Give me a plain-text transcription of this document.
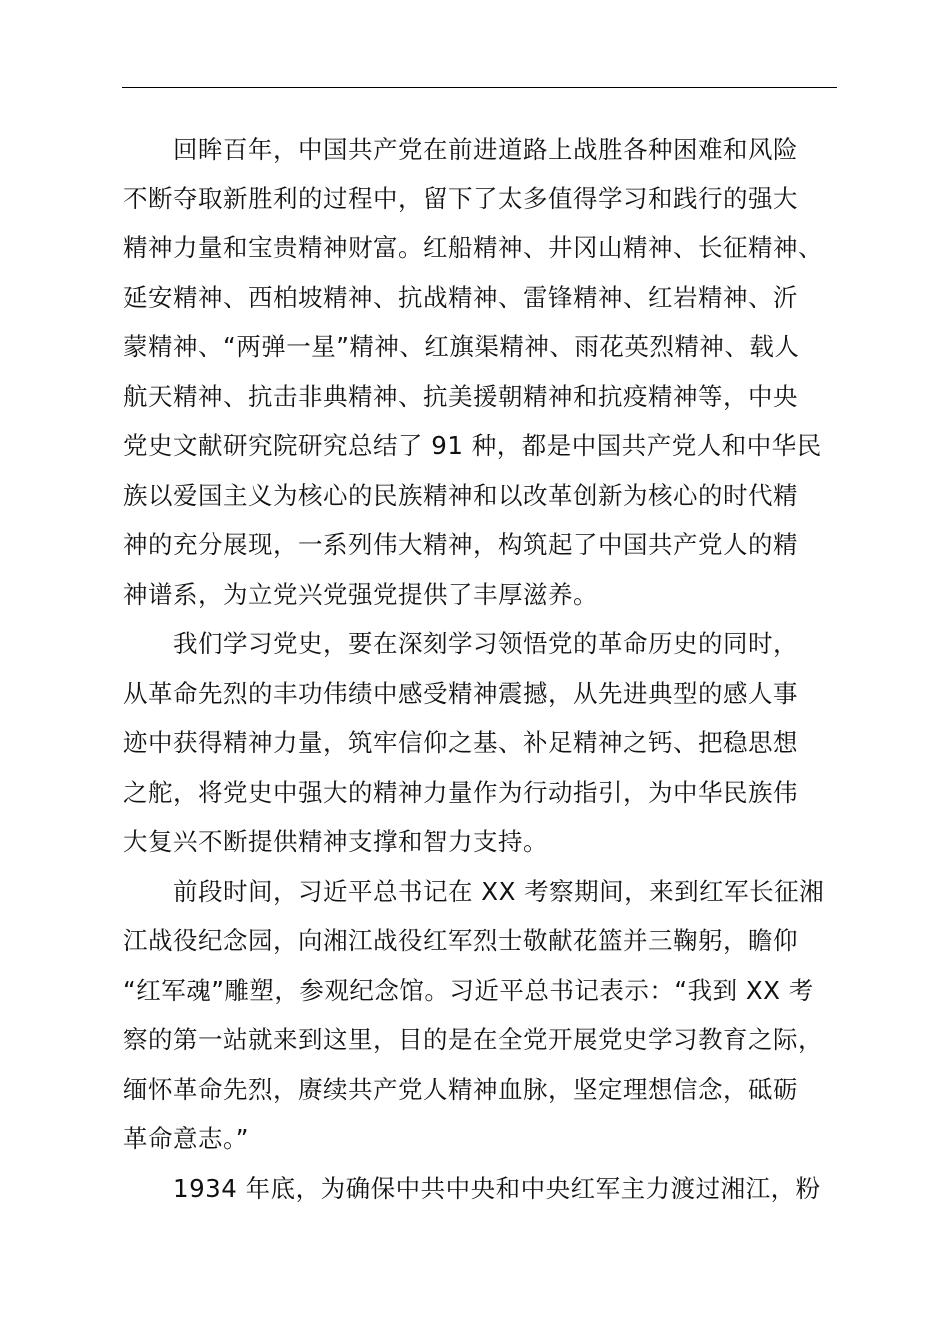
回眸百年，中国共产党在前进道路上战胜各种困难和风险
不断夺取新胜利的过程中，留下了太多值得学习和践行的强大
精神力量和宝贵精神财富。红船精神、井冈山精神、长征精神、
延安精神、西柏坡精神、抗战精神、雷锋精神、红岩精神、沂
蒙精神、“两弹一星”精神、红旗渠精神、雨花英烈精神、载人
航天精神、抗击非典精神、抗美援朝精神和抗疫精神等，中央
党史文献研究院研究总结了 91 种，都是中国共产党人和中华民
族以爱国主义为核心的民族精神和以改革创新为核心的时代精
神的充分展现，一系列伟大精神，构筑起了中国共产党人的精
神谱系，为立党兴党强党提供了丰厚滋养。
我们学习党史，要在深刻学习领悟党的革命历史的同时，
从革命先烈的丰功伟绩中感受精神震撼，从先进典型的感人事
迹中获得精神力量，筑牢信仰之基、补足精神之钙、把稳思想
之舵，将党史中强大的精神力量作为行动指引，为中华民族伟
大复兴不断提供精神支撑和智力支持。
前段时间，习近平总书记在 XX 考察期间，来到红军长征湘
江战役纪念园，向湘江战役红军烈士敬献花篮并三鞠躬，瞻仰
“红军魂”雕塑，参观纪念馆。习近平总书记表示：“我到 XX 考
察的第一站就来到这里，目的是在全党开展党史学习教育之际，
缅怀革命先烈，赓续共产党人精神血脉，坚定理想信念，砥砺
革命意志。”
1934 年底，为确保中共中央和中央红军主力渡过湘江，粉
